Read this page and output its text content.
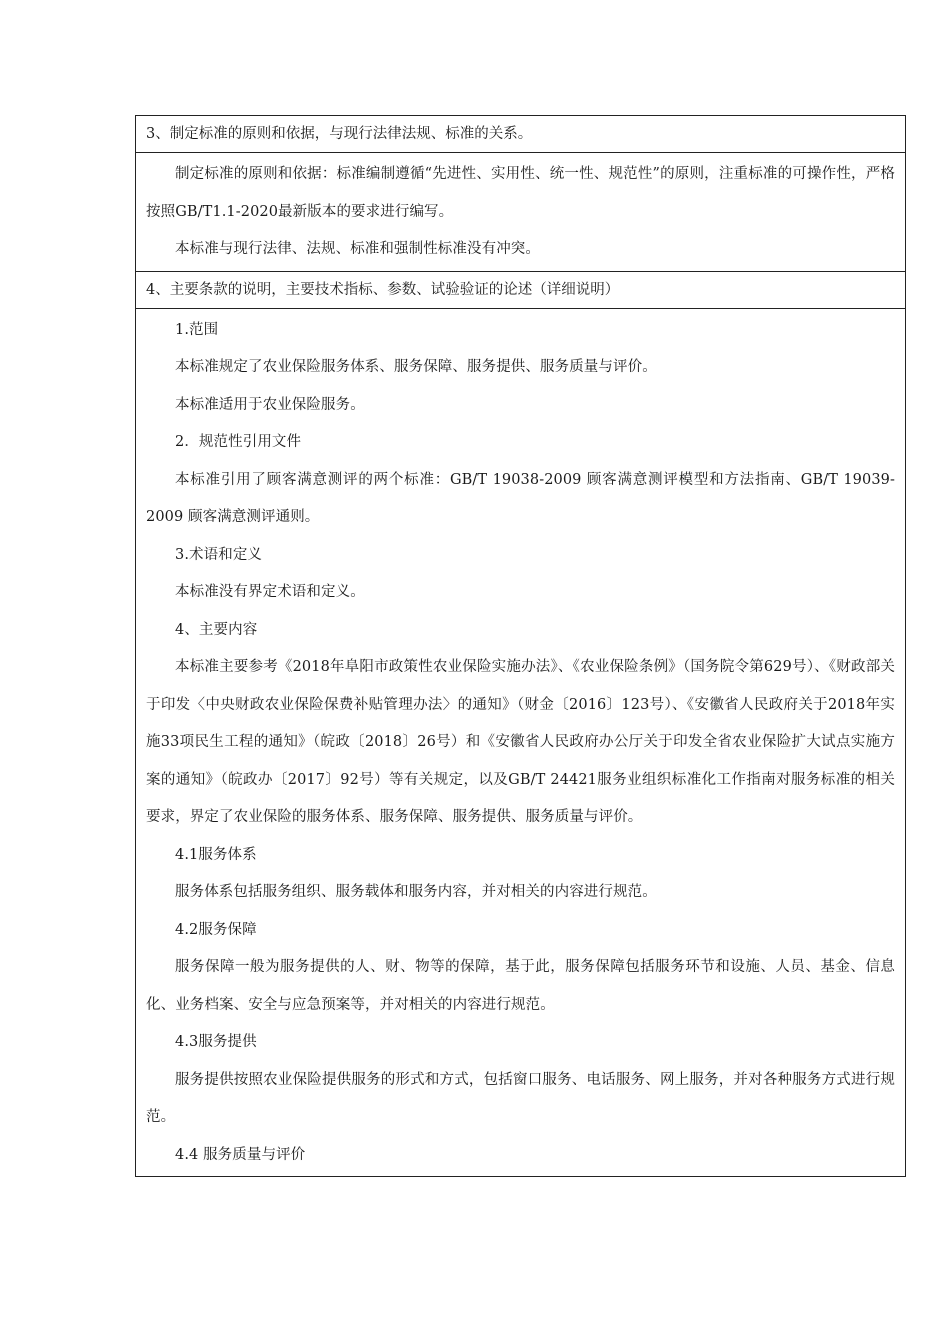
3、制定标准的原则和依据，与现行法律法规、标准的关系。

制定标准的原则和依据：标准编制遵循“先进性、实用性、统一性、规范性”的原则，注重标准的可操作性，严格按照GB/T1.1-2020最新版本的要求进行编写。

本标准与现行法律、法规、标准和强制性标准没有冲突。

4、主要条款的说明，主要技术指标、参数、试验验证的论述（详细说明）

1.范围

本标准规定了农业保险服务体系、服务保障、服务提供、服务质量与评价。

本标准适用于农业保险服务。

2．规范性引用文件

本标准引用了顾客满意测评的两个标准：GB/T 19038-2009 顾客满意测评模型和方法指南、GB/T 19039-2009 顾客满意测评通则。

3.术语和定义

本标准没有界定术语和定义。

4、主要内容

本标准主要参考《2018年阜阳市政策性农业保险实施办法》、《农业保险条例》（国务院令第629号）、《财政部关于印发〈中央财政农业保险保费补贴管理办法〉的通知》（财金〔2016〕123号）、《安徽省人民政府关于2018年实施33项民生工程的通知》（皖政〔2018〕26号）和《安徽省人民政府办公厅关于印发全省农业保险扩大试点实施方案的通知》（皖政办〔2017〕92号）等有关规定，以及GB/T 24421服务业组织标准化工作指南对服务标准的相关要求，界定了农业保险的服务体系、服务保障、服务提供、服务质量与评价。

4.1服务体系

服务体系包括服务组织、服务载体和服务内容，并对相关的内容进行规范。

4.2服务保障

服务保障一般为服务提供的人、财、物等的保障，基于此，服务保障包括服务环节和设施、人员、基金、信息化、业务档案、安全与应急预案等，并对相关的内容进行规范。

4.3服务提供

服务提供按照农业保险提供服务的形式和方式，包括窗口服务、电话服务、网上服务，并对各种服务方式进行规范。

4.4 服务质量与评价
